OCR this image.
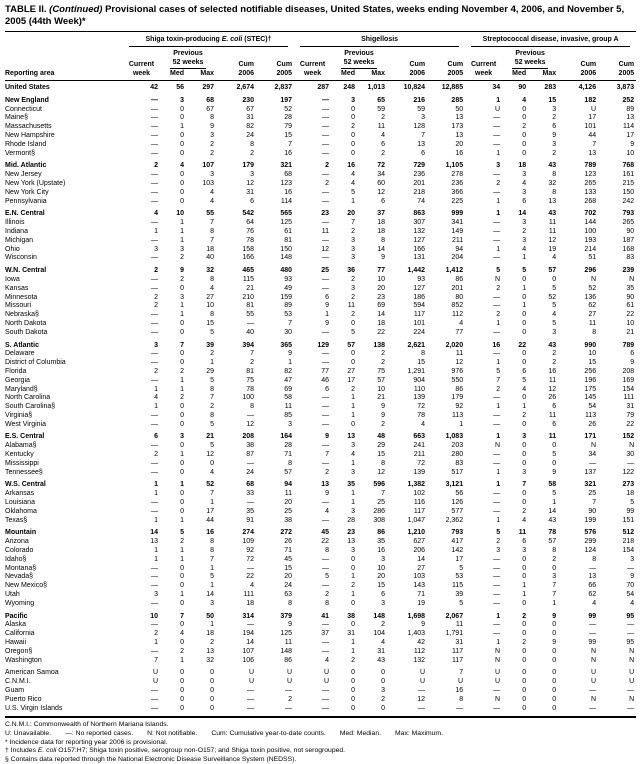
TABLE II. (Continued) Provisional cases of selected notifiable diseases, United States, weeks ending November 4, 2006, and November 5, 2005 (44th Week)*

	Shiga toxin-producing E. coli (STEC)†					Shigellosis					Streptococcal disease, invasive, group A				

		Previous					Previous					Previous			
	Current	52 weeks		Cum	Cum	Current	52 weeks		Cum	Cum	Current	52 weeks		Cum	Cum
Reporting area	week	Med	Max	2006	2005	week	Med	Max	2006	2005	week	Med	Max	2006	2005
United States	42	56	297	2,674	2,837	287	248	1,013	10,824	12,885	34	90	283	4,126	3,873
New England	—	3	68	230	197	—	3	65	216	285	1	4	15	182	252
Connecticut	—	0	67	67	52	—	0	59	59	50	U	0	3	U	89
Maine§	—	0	8	31	28	—	0	2	3	13	—	0	2	17	13
Massachusetts	—	1	9	82	79	—	2	11	128	173	—	2	6	101	114
New Hampshire	—	0	3	24	15	—	0	4	7	13	—	0	9	44	17
Rhode Island	—	0	2	8	7	—	0	6	13	20	—	0	3	7	9
Vermont§	—	0	2	2	16	—	0	2	6	16	1	0	2	13	10
Mid. Atlantic	2	4	107	179	321	2	16	72	729	1,105	3	18	43	789	768
New Jersey	—	0	3	3	68	—	4	34	236	278	—	3	8	123	161
New York (Upstate)	—	0	103	12	123	2	4	60	201	236	2	4	32	265	215
New York City	—	0	4	31	16	—	5	12	218	366	—	3	8	133	150
Pennsylvania	—	0	4	6	114	—	1	6	74	225	1	6	13	268	242
E.N. Central	4	10	55	542	565	23	20	37	863	999	1	14	43	702	793
Illinois	—	1	7	64	125	—	7	18	307	341	—	3	11	144	265
Indiana	1	1	8	76	61	11	2	18	132	149	—	2	11	100	90
Michigan	—	1	7	78	81	—	3	8	127	211	—	3	12	193	187
Ohio	3	3	18	158	150	12	3	14	166	94	1	4	19	214	168
Wisconsin	—	2	40	166	148	—	3	9	131	204	—	1	4	51	83
W.N. Central	2	9	32	465	480	25	36	77	1,442	1,412	5	5	57	296	239
Iowa	—	2	8	115	93	—	2	10	93	86	N	0	0	N	N
Kansas	—	0	4	21	49	—	3	20	127	201	2	1	5	52	35
Minnesota	2	3	27	210	159	6	2	23	186	80	—	0	52	136	90
Missouri	2	1	10	81	89	9	11	69	594	852	—	1	5	62	61
Nebraska§	—	1	8	55	53	1	2	14	117	112	2	0	4	27	22
North Dakota	—	0	15	—	7	9	0	18	101	4	1	0	5	11	10
South Dakota	—	0	5	40	30	—	5	22	224	77	—	0	3	8	21
S. Atlantic	3	7	39	394	365	129	57	138	2,621	2,020	16	22	43	990	789
Delaware	—	0	2	7	9	—	0	2	8	11	—	0	2	10	6
District of Columbia	—	0	1	2	1	—	0	2	15	12	1	0	2	15	9
Florida	2	2	29	81	82	77	27	75	1,291	976	5	6	16	256	208
Georgia	—	1	5	75	47	46	17	57	904	550	7	5	11	196	169
Maryland§	1	1	8	78	69	6	2	10	110	86	2	4	12	175	154
North Carolina	4	2	7	100	58	—	1	21	139	179	—	0	26	145	111
South Carolina§	1	0	2	8	11	—	1	9	72	92	1	1	6	54	31
Virginia§	—	0	8	—	85	—	1	9	78	113	—	2	11	113	79
West Virginia	—	0	5	12	3	—	0	2	4	1	—	0	6	26	22
E.S. Central	6	3	21	208	164	9	13	48	663	1,083	1	3	11	171	152
Alabama§	—	0	5	38	28	—	3	29	241	203	N	0	0	N	N
Kentucky	2	1	12	87	71	7	4	15	211	280	—	0	5	34	30
Mississippi	—	0	0	—	8	—	1	8	72	83	—	0	0	—	—
Tennessee§	—	0	4	24	57	2	3	12	139	517	1	3	9	137	122
W.S. Central	1	1	52	68	94	13	35	596	1,382	3,121	1	7	58	321	273
Arkansas	1	0	7	33	11	9	1	7	102	56	—	0	5	25	18
Louisiana	—	0	1	—	20	—	1	25	116	126	—	0	1	7	5
Oklahoma	—	0	17	35	25	4	3	286	117	577	—	2	14	90	99
Texas§	1	1	44	91	38	—	28	308	1,047	2,362	1	4	43	199	151
Mountain	14	5	16	274	272	45	23	86	1,210	793	5	11	78	576	512
Arizona	13	2	8	109	26	22	13	35	627	417	2	6	57	299	218
Colorado	1	1	8	92	71	8	3	16	206	142	3	3	8	124	154
Idaho§	1	1	7	72	45	—	0	3	14	17	—	0	2	8	3
Montana§	—	0	1	—	15	—	0	10	27	5	—	0	0	—	—
Nevada§	—	0	5	22	20	5	1	20	103	53	—	0	3	13	9
New Mexico§	—	0	1	4	24	—	2	15	143	115	—	1	7	66	70
Utah	3	1	14	111	63	2	1	6	71	39	—	1	7	62	54
Wyoming	—	0	3	18	8	8	0	3	19	5	—	0	1	4	4
Pacific	10	7	50	314	379	41	38	148	1,698	2,067	1	2	9	99	95
Alaska	—	0	1	—	9	—	0	2	9	11	—	0	0	—	—
California	2	4	18	194	125	37	31	104	1,403	1,791	—	0	0	—	—
Hawaii	1	0	2	14	11	—	1	4	42	31	1	2	9	99	95
Oregon§	—	2	13	107	148	—	1	31	112	117	N	0	0	N	N
Washington	7	1	32	106	86	4	2	43	132	117	N	0	0	N	N
American Samoa	U	0	0	U	U	U	0	0	U	7	U	0	0	U	U
C.N.M.I.	U	0	0	U	U	U	0	0	U	U	U	0	0	U	U
Guam	—	0	0	—	—	—	0	3	—	16	—	0	0	—	—
Puerto Rico	—	0	0	—	2	—	0	2	12	8	N	0	0	N	N
U.S. Virgin Islands	—	0	0	—	—	—	0	0	—	—	—	0	0	—	—
C.N.M.I.: Commonwealth of Northern Mariana Islands.
U: Unavailable. —: No reported cases. N: Not notifiable. Cum: Cumulative year-to-date counts. Med: Median. Max: Maximum.
* Incidence data for reporting year 2006 is provisional.
† Includes E. coli O157:H7; Shiga toxin positive, serogroup non-O157; and Shiga toxin positive, not serogrouped.
§ Contains data reported through the National Electronic Disease Surveillance System (NEDSS).
